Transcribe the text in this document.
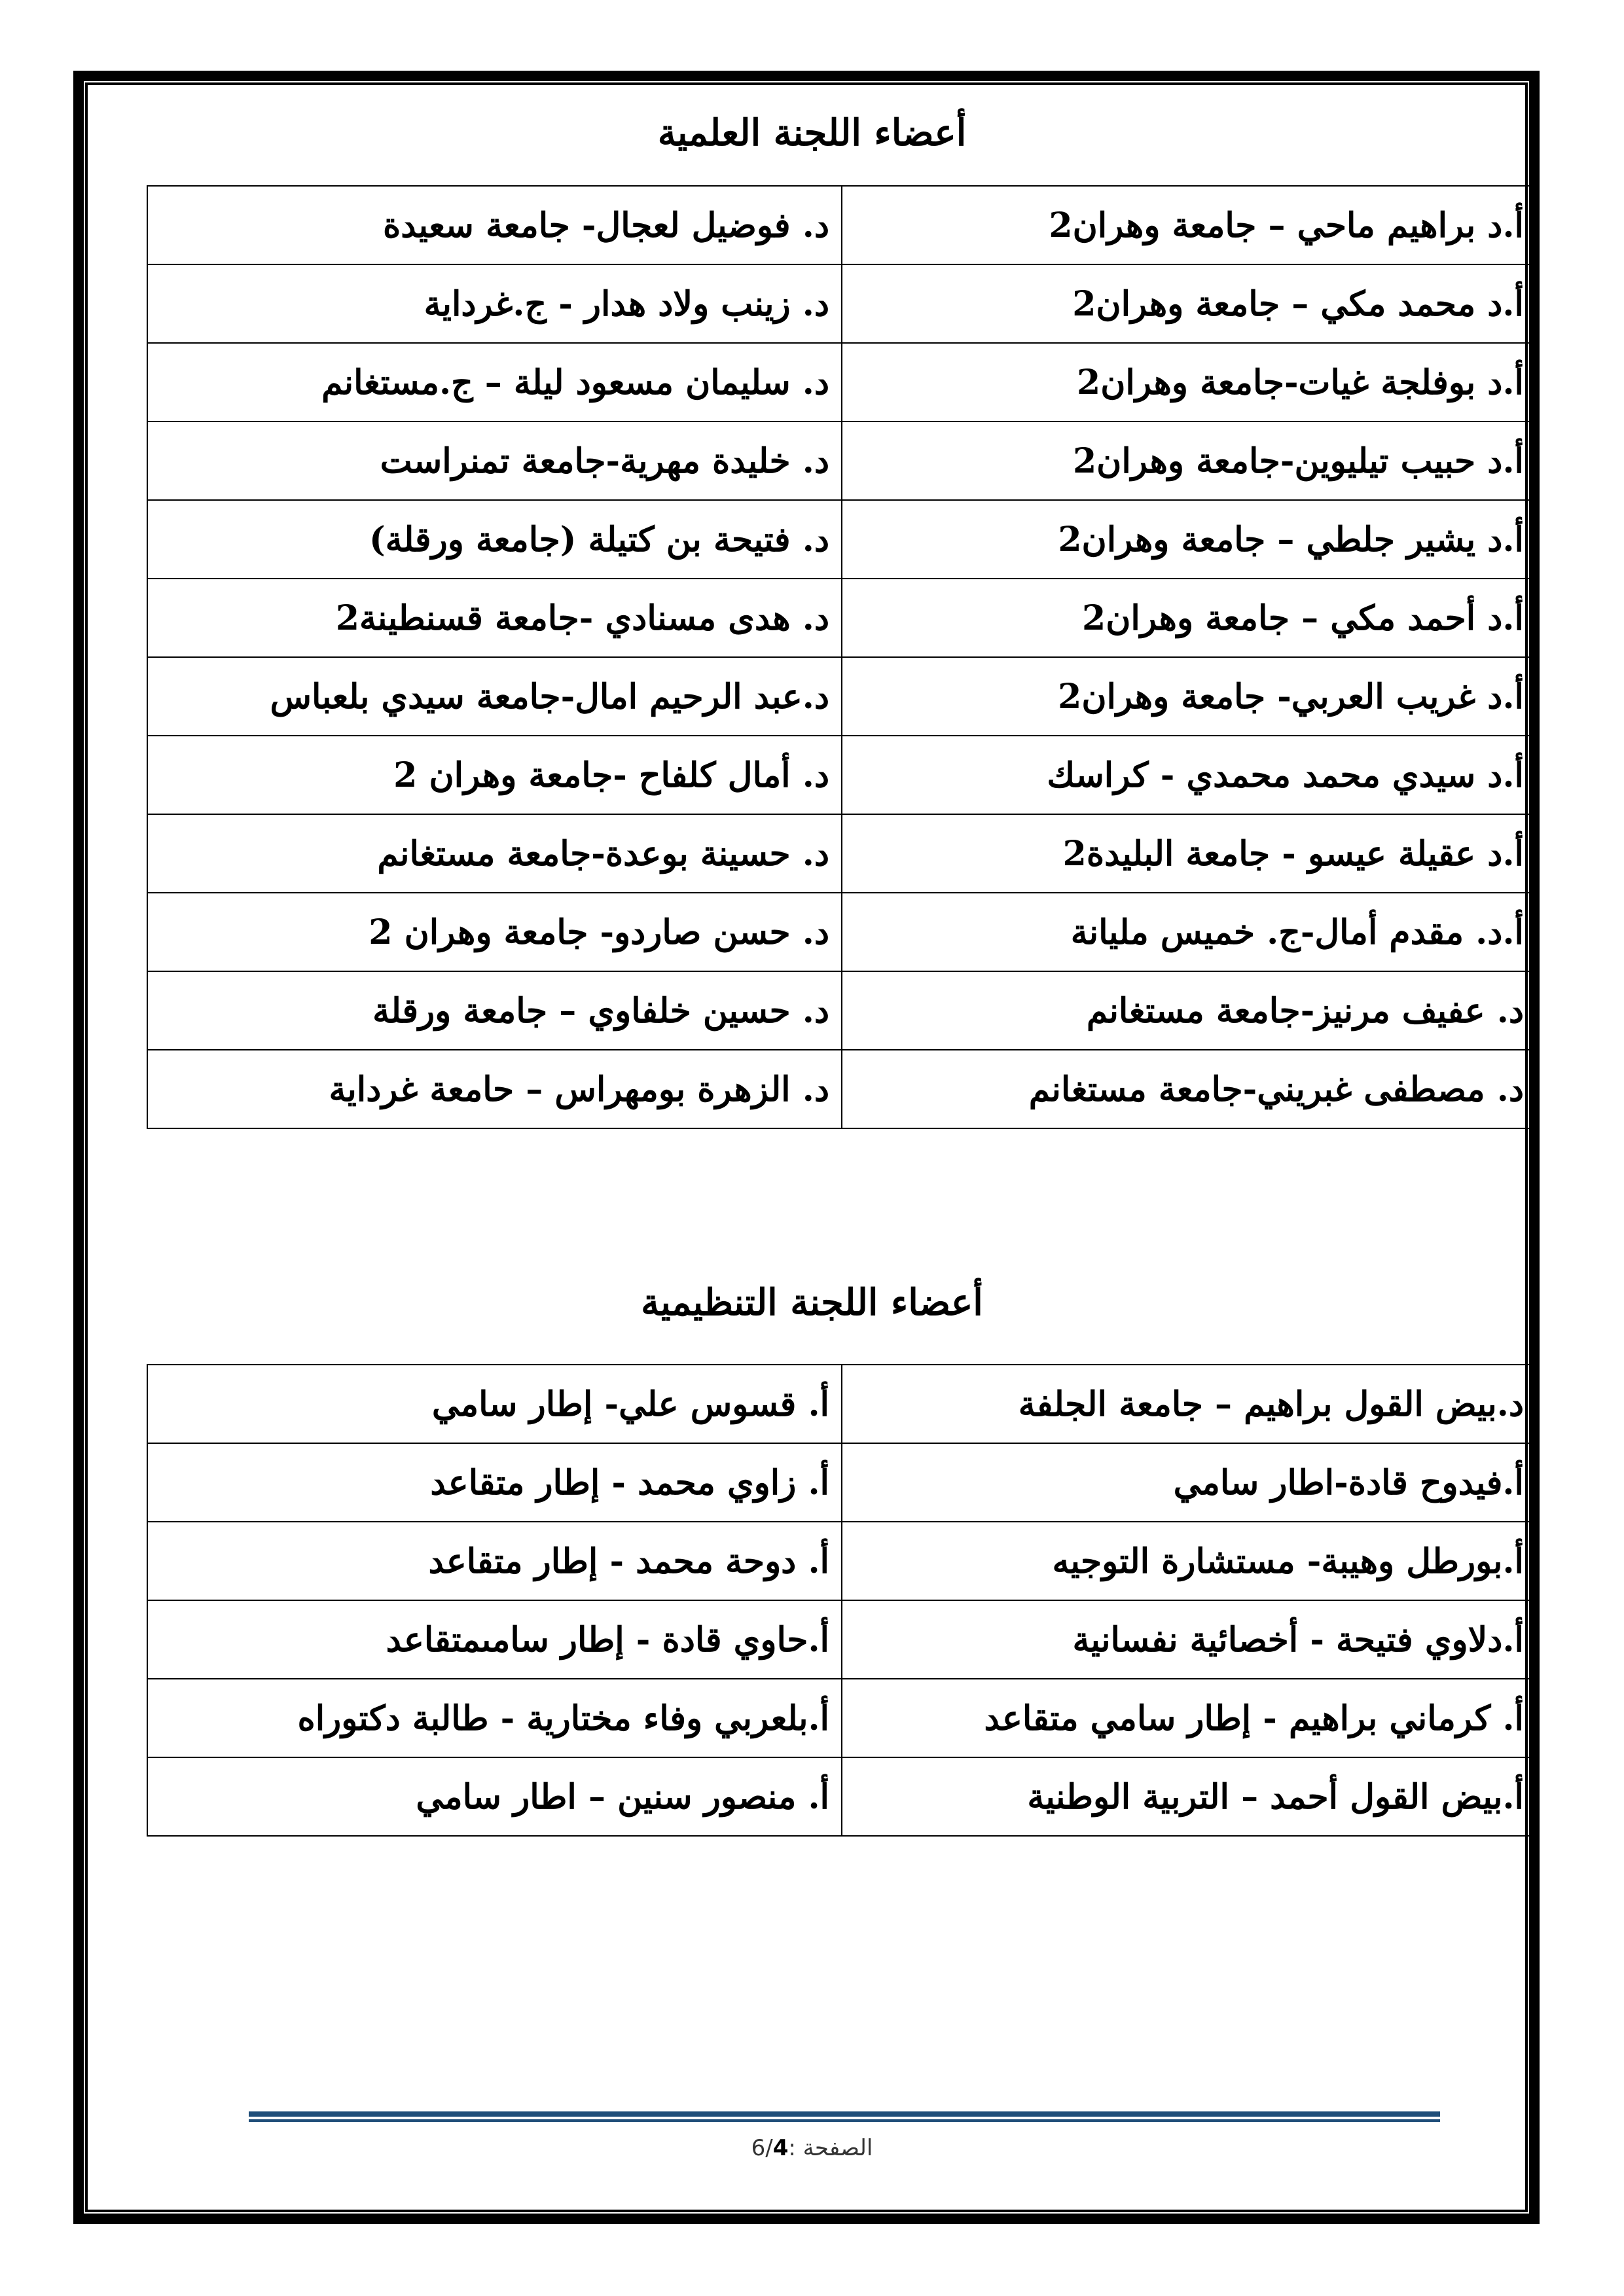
أعضاء اللجنة العلمية
أ.د براهيم ماحي – جامعة وهران2	د. فوضيل لعجال- جامعة سعيدة
أ.د محمد مكي – جامعة وهران2	د. زينب ولاد هدار - ج.غرداية
أ.د بوفلجة غيات-جامعة وهران2	د. سليمان مسعود ليلة – ج.مستغانم
أ.د حبيب تيليوين-جامعة وهران2	د. خليدة مهرية-جامعة تمنراست
أ.د يشير جلطي – جامعة وهران2	د. فتيحة بن كتيلة (جامعة ورقلة)
أ.د أحمد مكي – جامعة وهران2	د. هدى مسنادي -جامعة قسنطينة2
أ.د غريب العربي- جامعة وهران2	د.عبد الرحيم امال-جامعة سيدي بلعباس
أ.د سيدي محمد محمدي - كراسك	د. أمال كلفاح -جامعة وهران 2
أ.د عقيلة عيسو - جامعة البليدة2	د. حسينة بوعدة-جامعة مستغانم
أ.د. مقدم أمال-ج. خميس مليانة	د. حسن صاردو- جامعة وهران 2
د. عفيف مرنيز-جامعة مستغانم	د. حسين خلفاوي – جامعة ورقلة
د. مصطفى غبريني-جامعة مستغانم	د. الزهرة بومهراس – حامعة غرداية
أعضاء اللجنة التنظيمية
د.بيض القول براهيم – جامعة الجلفة	أ. قسوس علي- إطار سامي
أ.فيدوح قادة-اطار سامي	أ. زاوي محمد - إطار متقاعد
أ.بورطل وهيبة- مستشارة التوجيه	أ. دوحة محمد - إطار متقاعد
أ.دلاوي فتيحة - أخصائية نفسانية	أ.حاوي قادة - إطار سامىمتقاعد
أ. كرماني براهيم - إطار سامي متقاعد	أ.بلعربي وفاء مختارية - طالبة دكتوراه
أ.بيض القول أحمد – التربية الوطنية	أ. منصور سنين – اطار سامي
الصفحة :6/4
